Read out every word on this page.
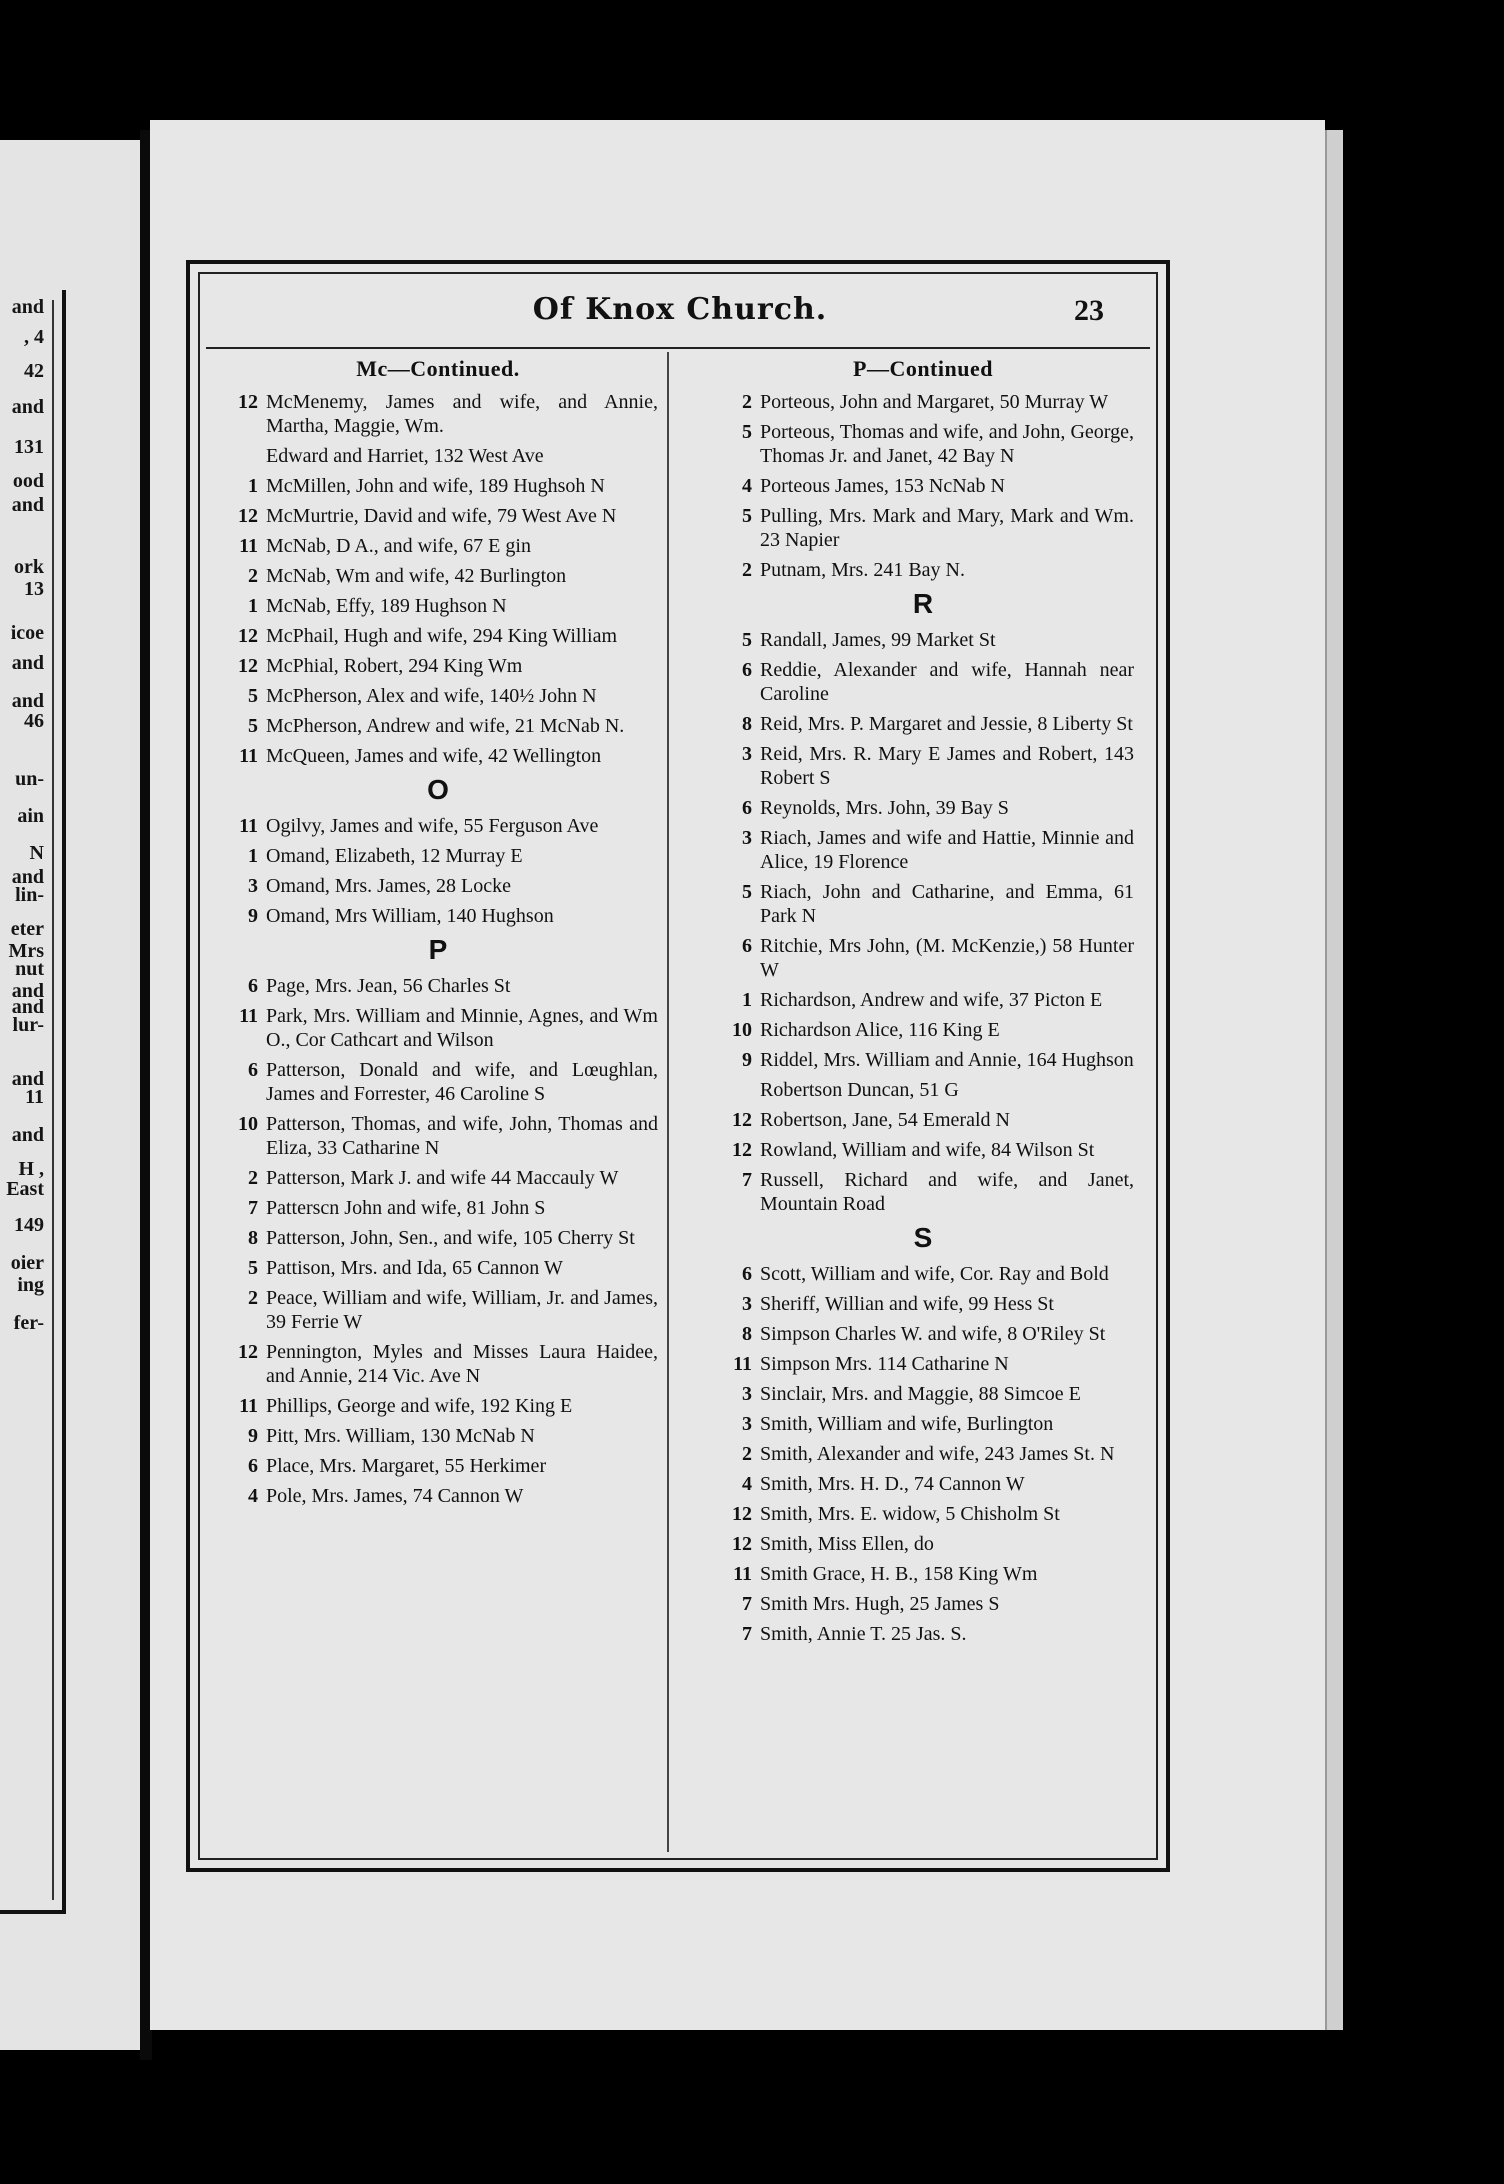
and
, 4
42
and
131
ood
and
ork
13
icoe
and
and
46
un-
ain
N
and
lin-
eter
Mrs
nut
and
and
lur-
and
11
and
H ,
East
149
oier
ing
fer-
Of Knox Church.	23
Mc—Continued.
12 McMenemy, James and wife, and Annie, Martha, Maggie, Wm.
Edward and Harriet, 132 West Ave
1 McMillen, John and wife, 189 Hughsoh N
12 McMurtrie, David and wife, 79 West Ave N
11 McNab, D A., and wife, 67 E gin
2 McNab, Wm and wife, 42 Burlington
1 McNab, Effy, 189 Hughson N
12 McPhail, Hugh and wife, 294 King William
12 McPhial, Robert, 294 King Wm
5 McPherson, Alex and wife, 140½ John N
5 McPherson, Andrew and wife, 21 McNab N.
11 McQueen, James and wife, 42 Wellington
O
11 Ogilvy, James and wife, 55 Ferguson Ave
1 Omand, Elizabeth, 12 Murray E
3 Omand, Mrs. James, 28 Locke
9 Omand, Mrs William, 140 Hughson
P
6 Page, Mrs. Jean, 56 Charles St
11 Park, Mrs. William and Minnie, Agnes, and Wm O., Cor Cathcart and Wilson
6 Patterson, Donald and wife, and Lœughlan, James and Forrester, 46 Caroline S
10 Patterson, Thomas, and wife, John, Thomas and Eliza, 33 Catharine N
2 Patterson, Mark J. and wife 44 Maccauly W
7 Patterscn John and wife, 81 John S
8 Patterson, John, Sen., and wife, 105 Cherry St
5 Pattison, Mrs. and Ida, 65 Cannon W
2 Peace, William and wife, William, Jr. and James, 39 Ferrie W
12 Pennington, Myles and Misses Laura Haidee, and Annie, 214 Vic. Ave N
11 Phillips, George and wife, 192 King E
9 Pitt, Mrs. William, 130 McNab N
6 Place, Mrs. Margaret, 55 Herkimer
4 Pole, Mrs. James, 74 Cannon W
P—Continued
2 Porteous, John and Margaret, 50 Murray W
5 Porteous, Thomas and wife, and John, George, Thomas Jr. and Janet, 42 Bay N
4 Porteous James, 153 NcNab N
5 Pulling, Mrs. Mark and Mary, Mark and Wm. 23 Napier
2 Putnam, Mrs. 241 Bay N.
R
5 Randall, James, 99 Market St
6 Reddie, Alexander and wife, Hannah near Caroline
8 Reid, Mrs. P. Margaret and Jessie, 8 Liberty St
3 Reid, Mrs. R. Mary E James and Robert, 143 Robert S
6 Reynolds, Mrs. John, 39 Bay S
3 Riach, James and wife and Hattie, Minnie and Alice, 19 Florence
5 Riach, John and Catharine, and Emma, 61 Park N
6 Ritchie, Mrs John, (M. McKenzie,) 58 Hunter W
1 Richardson, Andrew and wife, 37 Picton E
10 Richardson Alice, 116 King E
9 Riddel, Mrs. William and Annie, 164 Hughson
Robertson Duncan, 51 G
12 Robertson, Jane, 54 Emerald N
12 Rowland, William and wife, 84 Wilson St
7 Russell, Richard and wife, and Janet, Mountain Road
S
6 Scott, William and wife, Cor. Ray and Bold
3 Sheriff, Willian and wife, 99 Hess St
8 Simpson Charles W. and wife, 8 O'Riley St
11 Simpson Mrs. 114 Catharine N
3 Sinclair, Mrs. and Maggie, 88 Simcoe E
3 Smith, William and wife, Burlington
2 Smith, Alexander and wife, 243 James St. N
4 Smith, Mrs. H. D., 74 Cannon W
12 Smith, Mrs. E. widow, 5 Chisholm St
12 Smith, Miss Ellen, do
11 Smith Grace, H. B., 158 King Wm
7 Smith Mrs. Hugh, 25 James S
7 Smith, Annie T. 25 Jas. S.
